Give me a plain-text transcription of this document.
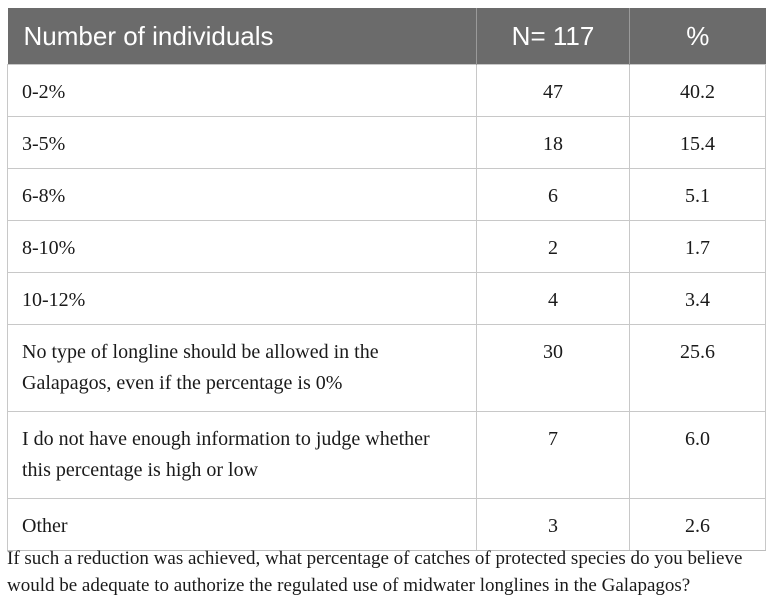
Number of individuals	N= 117	%
0-2%	47	40.2
3-5%	18	15.4
6-8%	6	5.1
8-10%	2	1.7
10-12%	4	3.4
No type of longline should be allowed in the Galapagos, even if the percentage is 0%	30	25.6
I do not have enough information to judge whether this percentage is high or low	7	6.0
Other	3	2.6

If such a reduction was achieved, what percentage of catches of protected species do you believe would be adequate to authorize the regulated use of midwater longlines in the Galapagos?
